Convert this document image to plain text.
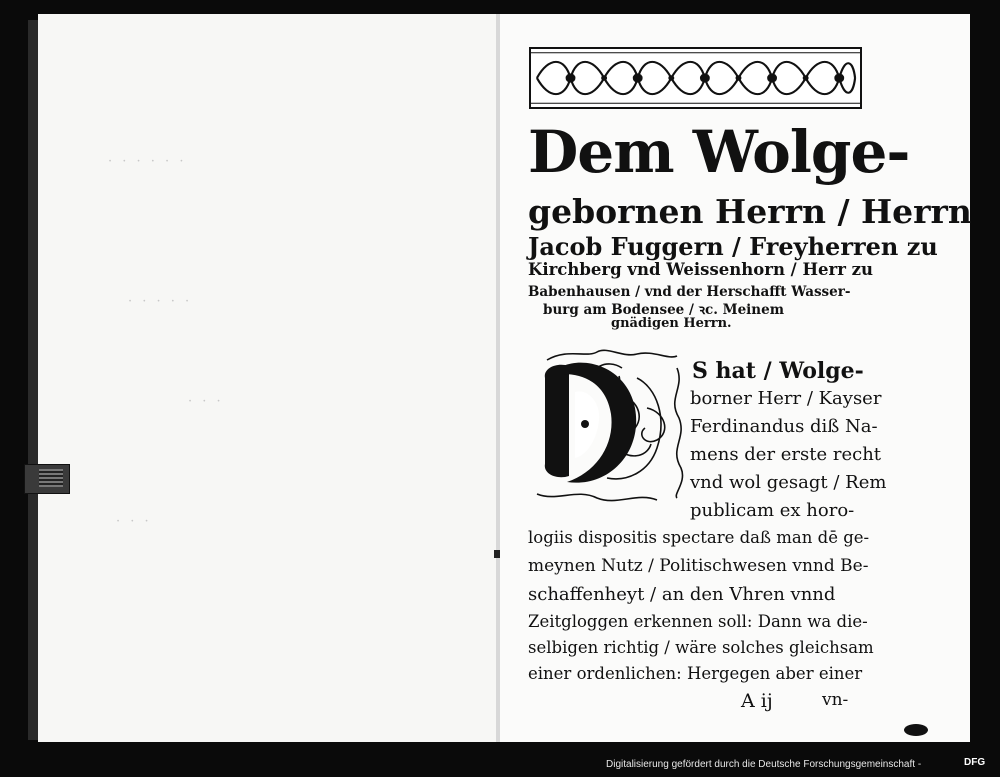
· · · · · ·
· · · · ·
· · ·
· · ·
Dem Wolge-
gebornen Herrn / Herrn
Jacob Fuggern / Freyherren zu
Kirchberg vnd Weissenhorn / Herr zu
Babenhausen / vnd der Herschafft Wasser-
burg am Bodensee / ꝛc. Meinem
gnädigen Herrn.
S hat / Wolge-
borner Herr / Kayser
Ferdinandus diß Na-
mens der erste recht
vnd wol gesagt / Rem
publicam ex horo-
logiis dispositis spectare daß man dē ge-
meynen Nutz / Politischwesen vnnd Be-
schaffenheyt / an den Vhren vnnd
Zeitgloggen erkennen soll: Dann wa die-
selbigen richtig / wäre solches gleichsam
einer ordenlichen: Hergegen aber einer
A ij	vn-
Digitalisierung gefördert durch die Deutsche Forschungsgemeinschaft -	DFG
